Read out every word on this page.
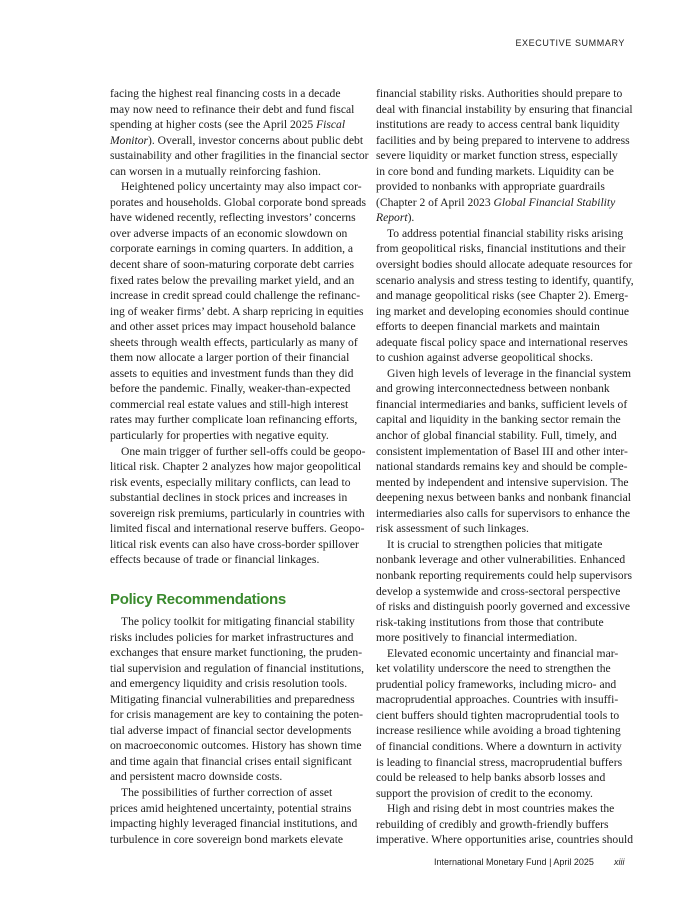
EXECUTIVE SUMMARY

facing the highest real financing costs in a decade
may now need to refinance their debt and fund fiscal
spending at higher costs (see the April 2025 Fiscal
Monitor). Overall, investor concerns about public debt
sustainability and other fragilities in the financial sector
can worsen in a mutually reinforcing fashion.

Heightened policy uncertainty may also impact cor-
porates and households. Global corporate bond spreads
have widened recently, reflecting investors’ concerns
over adverse impacts of an economic slowdown on
corporate earnings in coming quarters. In addition, a
decent share of soon-maturing corporate debt carries
fixed rates below the prevailing market yield, and an
increase in credit spread could challenge the refinanc-
ing of weaker firms’ debt. A sharp repricing in equities
and other asset prices may impact household balance
sheets through wealth effects, particularly as many of
them now allocate a larger portion of their financial
assets to equities and investment funds than they did
before the pandemic. Finally, weaker-than-expected
commercial real estate values and still-high interest
rates may further complicate loan refinancing efforts,
particularly for properties with negative equity.

One main trigger of further sell-offs could be geopo-
litical risk. Chapter 2 analyzes how major geopolitical
risk events, especially military conflicts, can lead to
substantial declines in stock prices and increases in
sovereign risk premiums, particularly in countries with
limited fiscal and international reserve buffers. Geopo-
litical risk events can also have cross-border spillover
effects because of trade or financial linkages.

Policy Recommendations

The policy toolkit for mitigating financial stability
risks includes policies for market infrastructures and
exchanges that ensure market functioning, the pruden-
tial supervision and regulation of financial institutions,
and emergency liquidity and crisis resolution tools.
Mitigating financial vulnerabilities and preparedness
for crisis management are key to containing the poten-
tial adverse impact of financial sector developments
on macroeconomic outcomes. History has shown time
and time again that financial crises entail significant
and persistent macro downside costs.

The possibilities of further correction of asset
prices amid heightened uncertainty, potential strains
impacting highly leveraged financial institutions, and
turbulence in core sovereign bond markets elevate

financial stability risks. Authorities should prepare to
deal with financial instability by ensuring that financial
institutions are ready to access central bank liquidity
facilities and by being prepared to intervene to address
severe liquidity or market function stress, especially
in core bond and funding markets. Liquidity can be
provided to nonbanks with appropriate guardrails
(Chapter 2 of April 2023 Global Financial Stability
Report).

To address potential financial stability risks arising
from geopolitical risks, financial institutions and their
oversight bodies should allocate adequate resources for
scenario analysis and stress testing to identify, quantify,
and manage geopolitical risks (see Chapter 2). Emerg-
ing market and developing economies should continue
efforts to deepen financial markets and maintain
adequate fiscal policy space and international reserves
to cushion against adverse geopolitical shocks.

Given high levels of leverage in the financial system
and growing interconnectedness between nonbank
financial intermediaries and banks, sufficient levels of
capital and liquidity in the banking sector remain the
anchor of global financial stability. Full, timely, and
consistent implementation of Basel III and other inter-
national standards remains key and should be comple-
mented by independent and intensive supervision. The
deepening nexus between banks and nonbank financial
intermediaries also calls for supervisors to enhance the
risk assessment of such linkages.

It is crucial to strengthen policies that mitigate
nonbank leverage and other vulnerabilities. Enhanced
nonbank reporting requirements could help supervisors
develop a systemwide and cross-sectoral perspective
of risks and distinguish poorly governed and excessive
risk-taking institutions from those that contribute
more positively to financial intermediation.

Elevated economic uncertainty and financial mar-
ket volatility underscore the need to strengthen the
prudential policy frameworks, including micro- and
macroprudential approaches. Countries with insuffi-
cient buffers should tighten macroprudential tools to
increase resilience while avoiding a broad tightening
of financial conditions. Where a downturn in activity
is leading to financial stress, macroprudential buffers
could be released to help banks absorb losses and
support the provision of credit to the economy.

High and rising debt in most countries makes the
rebuilding of credibly and growth-friendly buffers
imperative. Where opportunities arise, countries should

International Monetary Fund | April 2025 xiii
